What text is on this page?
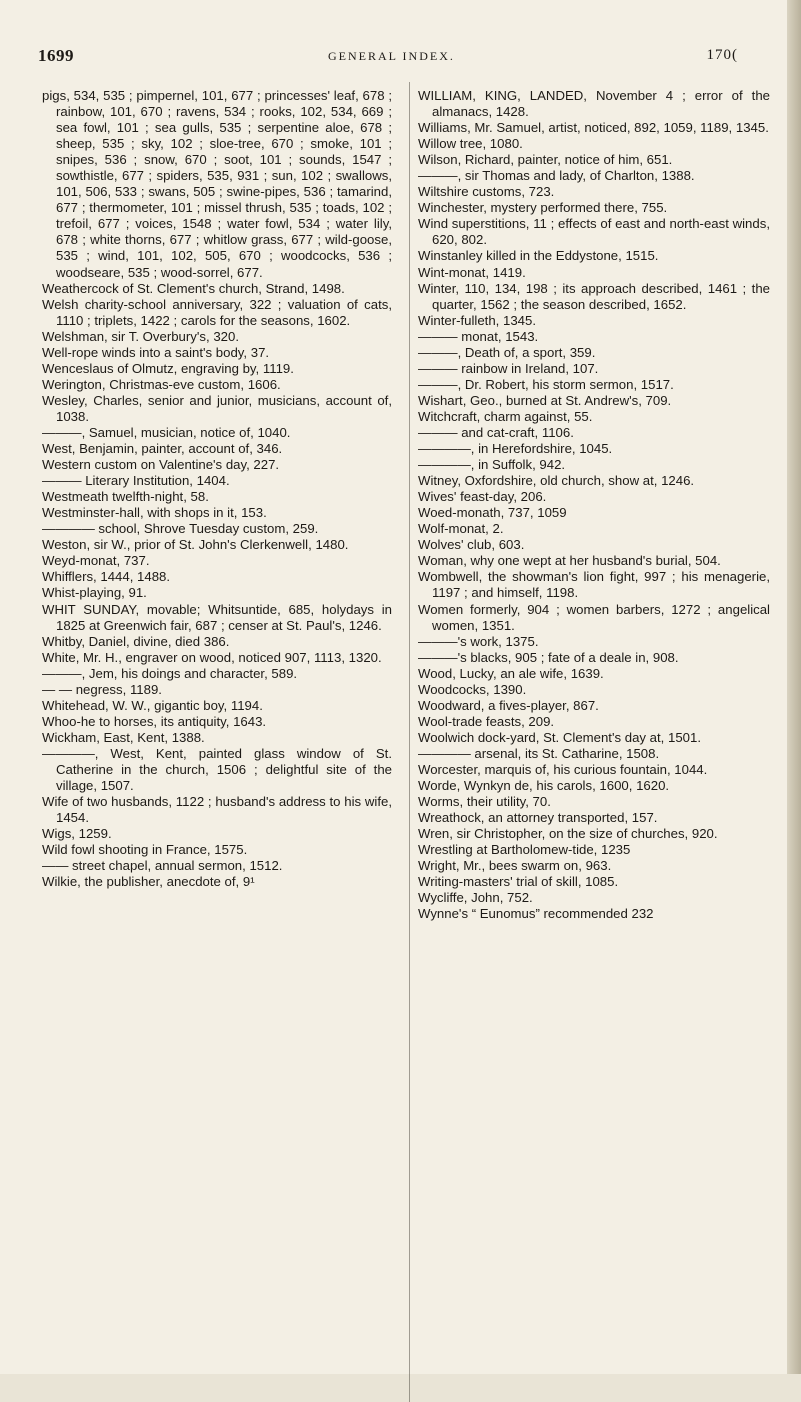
1699	GENERAL INDEX.	170(

pigs, 534, 535 ; pimpernel, 101, 677 ; princesses' leaf, 678 ; rainbow, 101, 670 ; ravens, 534 ; rooks, 102, 534, 669 ; sea fowl, 101 ; sea gulls, 535 ; serpentine aloe, 678 ; sheep, 535 ; sky, 102 ; sloe-tree, 670 ; smoke, 101 ; snipes, 536 ; snow, 670 ; soot, 101 ; sounds, 1547 ; sowthistle, 677 ; spiders, 535, 931 ; sun, 102 ; swallows, 101, 506, 533 ; swans, 505 ; swine-pipes, 536 ; tamarind, 677 ; thermometer, 101 ; missel thrush, 535 ; toads, 102 ; trefoil, 677 ; voices, 1548 ; water fowl, 534 ; water lily, 678 ; white thorns, 677 ; whitlow grass, 677 ; wild-goose, 535 ; wind, 101, 102, 505, 670 ; woodcocks, 536 ; woodseare, 535 ; wood-sorrel, 677.

Weathercock of St. Clement's church, Strand, 1498.

Welsh charity-school anniversary, 322 ; valuation of cats, 1110 ; triplets, 1422 ; carols for the seasons, 1602.

Welshman, sir T. Overbury's, 320.

Well-rope winds into a saint's body, 37.

Wenceslaus of Olmutz, engraving by, 1119.

Werington, Christmas-eve custom, 1606.

Wesley, Charles, senior and junior, musicians, account of, 1038.

———, Samuel, musician, notice of, 1040.

West, Benjamin, painter, account of, 346.

Western custom on Valentine's day, 227.

——— Literary Institution, 1404.

Westmeath twelfth-night, 58.

Westminster-hall, with shops in it, 153.

———— school, Shrove Tuesday custom, 259.

Weston, sir W., prior of St. John's Clerkenwell, 1480.

Weyd-monat, 737.

Whifflers, 1444, 1488.

Whist-playing, 91.

WHIT SUNDAY, movable; Whitsuntide, 685, holydays in 1825 at Greenwich fair, 687 ; censer at St. Paul's, 1246.

Whitby, Daniel, divine, died 386.

White, Mr. H., engraver on wood, noticed 907, 1113, 1320.

———, Jem, his doings and character, 589.

— — negress, 1189.

Whitehead, W. W., gigantic boy, 1194.

Whoo-he to horses, its antiquity, 1643.

Wickham, East, Kent, 1388.

————, West, Kent, painted glass window of St. Catherine in the church, 1506 ; delightful site of the village, 1507.

Wife of two husbands, 1122 ; husband's address to his wife, 1454.

Wigs, 1259.

Wild fowl shooting in France, 1575.

—— street chapel, annual sermon, 1512.

Wilkie, the publisher, anecdote of, 9¹

WILLIAM, KING, LANDED, November 4 ; error of the almanacs, 1428.

Williams, Mr. Samuel, artist, noticed, 892, 1059, 1189, 1345.

Willow tree, 1080.

Wilson, Richard, painter, notice of him, 651.

———, sir Thomas and lady, of Charlton, 1388.

Wiltshire customs, 723.

Winchester, mystery performed there, 755.

Wind superstitions, 11 ; effects of east and north-east winds, 620, 802.

Winstanley killed in the Eddystone, 1515.

Wint-monat, 1419.

Winter, 110, 134, 198 ; its approach described, 1461 ; the quarter, 1562 ; the season described, 1652.

Winter-fulleth, 1345.

——— monat, 1543.

———, Death of, a sport, 359.

——— rainbow in Ireland, 107.

———, Dr. Robert, his storm sermon, 1517.

Wishart, Geo., burned at St. Andrew's, 709.

Witchcraft, charm against, 55.

——— and cat-craft, 1106.

————, in Herefordshire, 1045.

————, in Suffolk, 942.

Witney, Oxfordshire, old church, show at, 1246.

Wives' feast-day, 206.

Woed-monath, 737, 1059

Wolf-monat, 2.

Wolves' club, 603.

Woman, why one wept at her husband's burial, 504.

Wombwell, the showman's lion fight, 997 ; his menagerie, 1197 ; and himself, 1198.

Women formerly, 904 ; women barbers, 1272 ; angelical women, 1351.

———'s work, 1375.

———'s blacks, 905 ; fate of a deale in, 908.

Wood, Lucky, an ale wife, 1639.

Woodcocks, 1390.

Woodward, a fives-player, 867.

Wool-trade feasts, 209.

Woolwich dock-yard, St. Clement's day at, 1501.

———— arsenal, its St. Catharine, 1508.

Worcester, marquis of, his curious fountain, 1044.

Worde, Wynkyn de, his carols, 1600, 1620.

Worms, their utility, 70.

Wreathock, an attorney transported, 157.

Wren, sir Christopher, on the size of churches, 920.

Wrestling at Bartholomew-tide, 1235

Wright, Mr., bees swarm on, 963.

Writing-masters' trial of skill, 1085.

Wycliffe, John, 752.

Wynne's “ Eunomus” recommended 232
